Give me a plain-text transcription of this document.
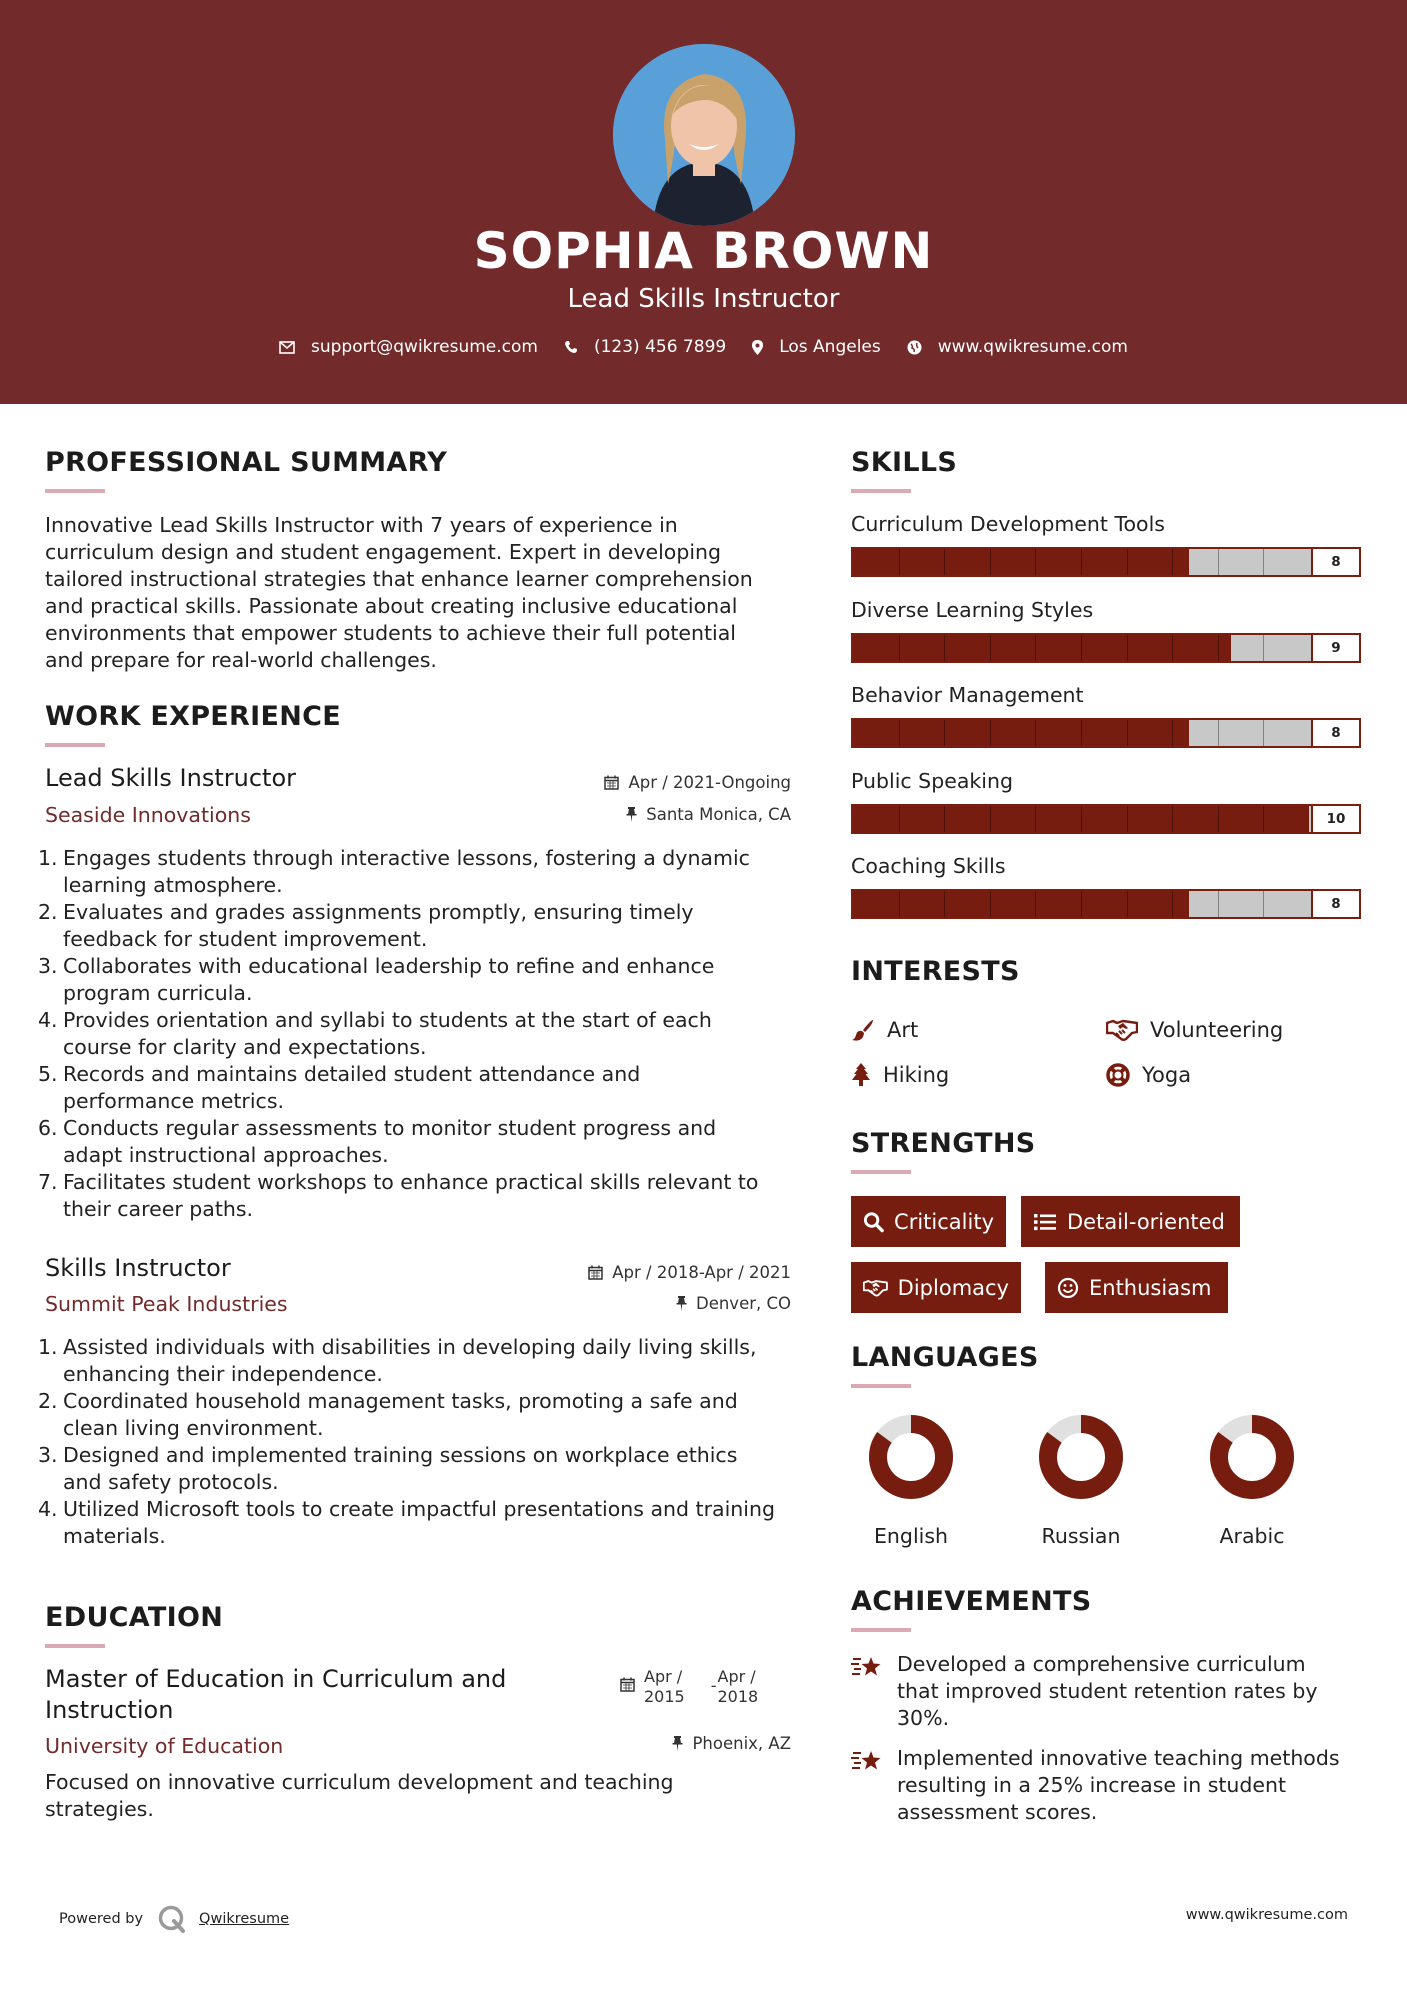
SOPHIA BROWN
Lead Skills Instructor
support@qwikresume.com	(123) 456 7899	Los Angeles	www.qwikresume.com
PROFESSIONAL SUMMARY
Innovative Lead Skills Instructor with 7 years of experience in
curriculum design and student engagement. Expert in developing
tailored instructional strategies that enhance learner comprehension
and practical skills. Passionate about creating inclusive educational
environments that empower students to achieve their full potential
and prepare for real-world challenges.
WORK EXPERIENCE
Lead Skills Instructor	Apr / 2021-Ongoing
Seaside Innovations	Santa Monica, CA
1. Engages students through interactive lessons, fostering a dynamic
learning atmosphere.
2. Evaluates and grades assignments promptly, ensuring timely
feedback for student improvement.
3. Collaborates with educational leadership to refine and enhance
program curricula.
4. Provides orientation and syllabi to students at the start of each
course for clarity and expectations.
5. Records and maintains detailed student attendance and
performance metrics.
6. Conducts regular assessments to monitor student progress and
adapt instructional approaches.
7. Facilitates student workshops to enhance practical skills relevant to
their career paths.
Skills Instructor	Apr / 2018-Apr / 2021
Summit Peak Industries	Denver, CO
1. Assisted individuals with disabilities in developing daily living skills,
enhancing their independence.
2. Coordinated household management tasks, promoting a safe and
clean living environment.
3. Designed and implemented training sessions on workplace ethics
and safety protocols.
4. Utilized Microsoft tools to create impactful presentations and training
materials.
EDUCATION
Master of Education in Curriculum and
Instruction
Apr /
2015
- Apr /
2018
University of Education	Phoenix, AZ
Focused on innovative curriculum development and teaching
strategies.
SKILLS
Curriculum Development Tools
8
Diverse Learning Styles
9
Behavior Management
8
Public Speaking
10
Coaching Skills
8
INTERESTS
Art	Volunteering
Hiking	Yoga
STRENGTHS
Criticality	Detail-oriented
Diplomacy	Enthusiasm
LANGUAGES
English	Russian	Arabic
ACHIEVEMENTS
Developed a comprehensive curriculum
that improved student retention rates by
30%.
Implemented innovative teaching methods
resulting in a 25% increase in student
assessment scores.
Powered by	Qwikresume	www.qwikresume.com
